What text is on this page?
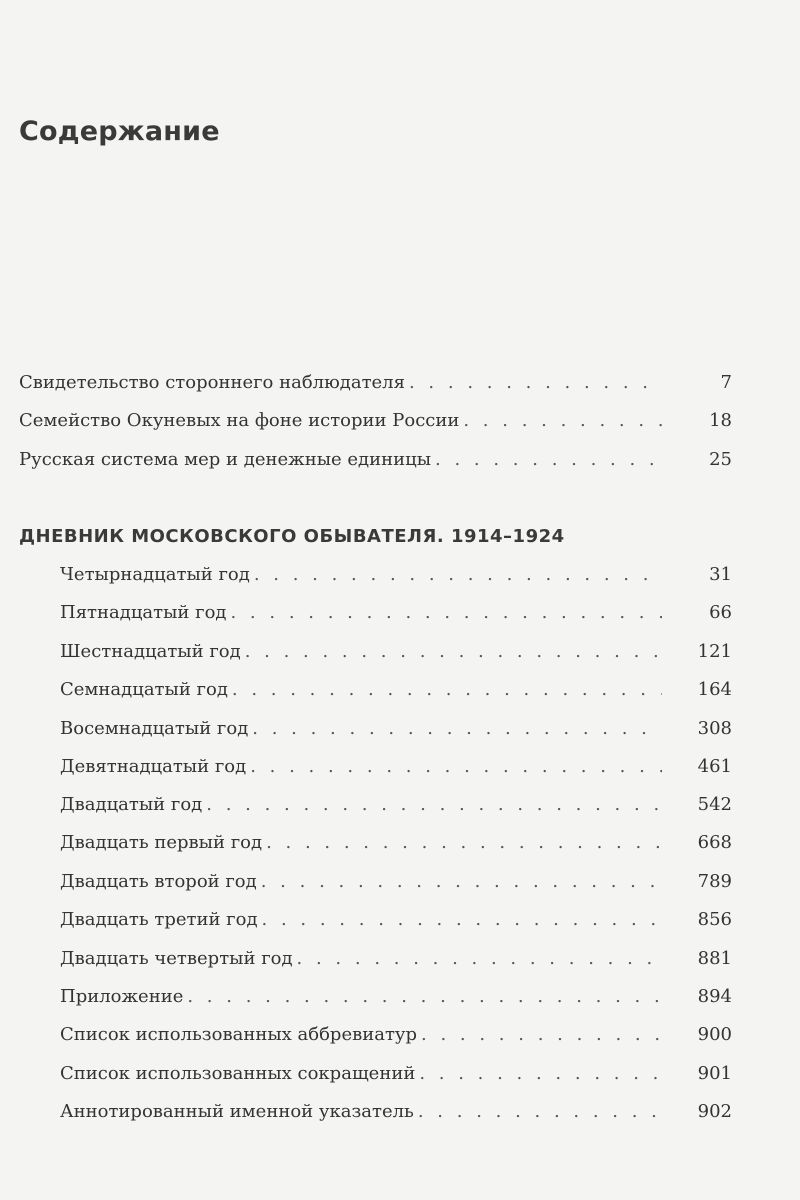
Содержание
Свидетельство стороннего наблюдателя . . .	7
Семейство Окуневых на фоне истории России . . .	18
Русская система мер и денежные единицы . . .	25
ДНЕВНИК МОСКОВСКОГО ОБЫВАТЕЛЯ. 1914–1924
Четырнадцатый год . . .	31
Пятнадцатый год . . .	66
Шестнадцатый год . . .	121
Семнадцатый год . . .	164
Восемнадцатый год . . .	308
Девятнадцатый год . . .	461
Двадцатый год . . .	542
Двадцать первый год . . .	668
Двадцать второй год . . .	789
Двадцать третий год . . .	856
Двадцать четвертый год . . .	881
Приложение . . .	894
Список использованных аббревиатур . . .	900
Список использованных сокращений . . .	901
Аннотированный именной указатель . . .	902
